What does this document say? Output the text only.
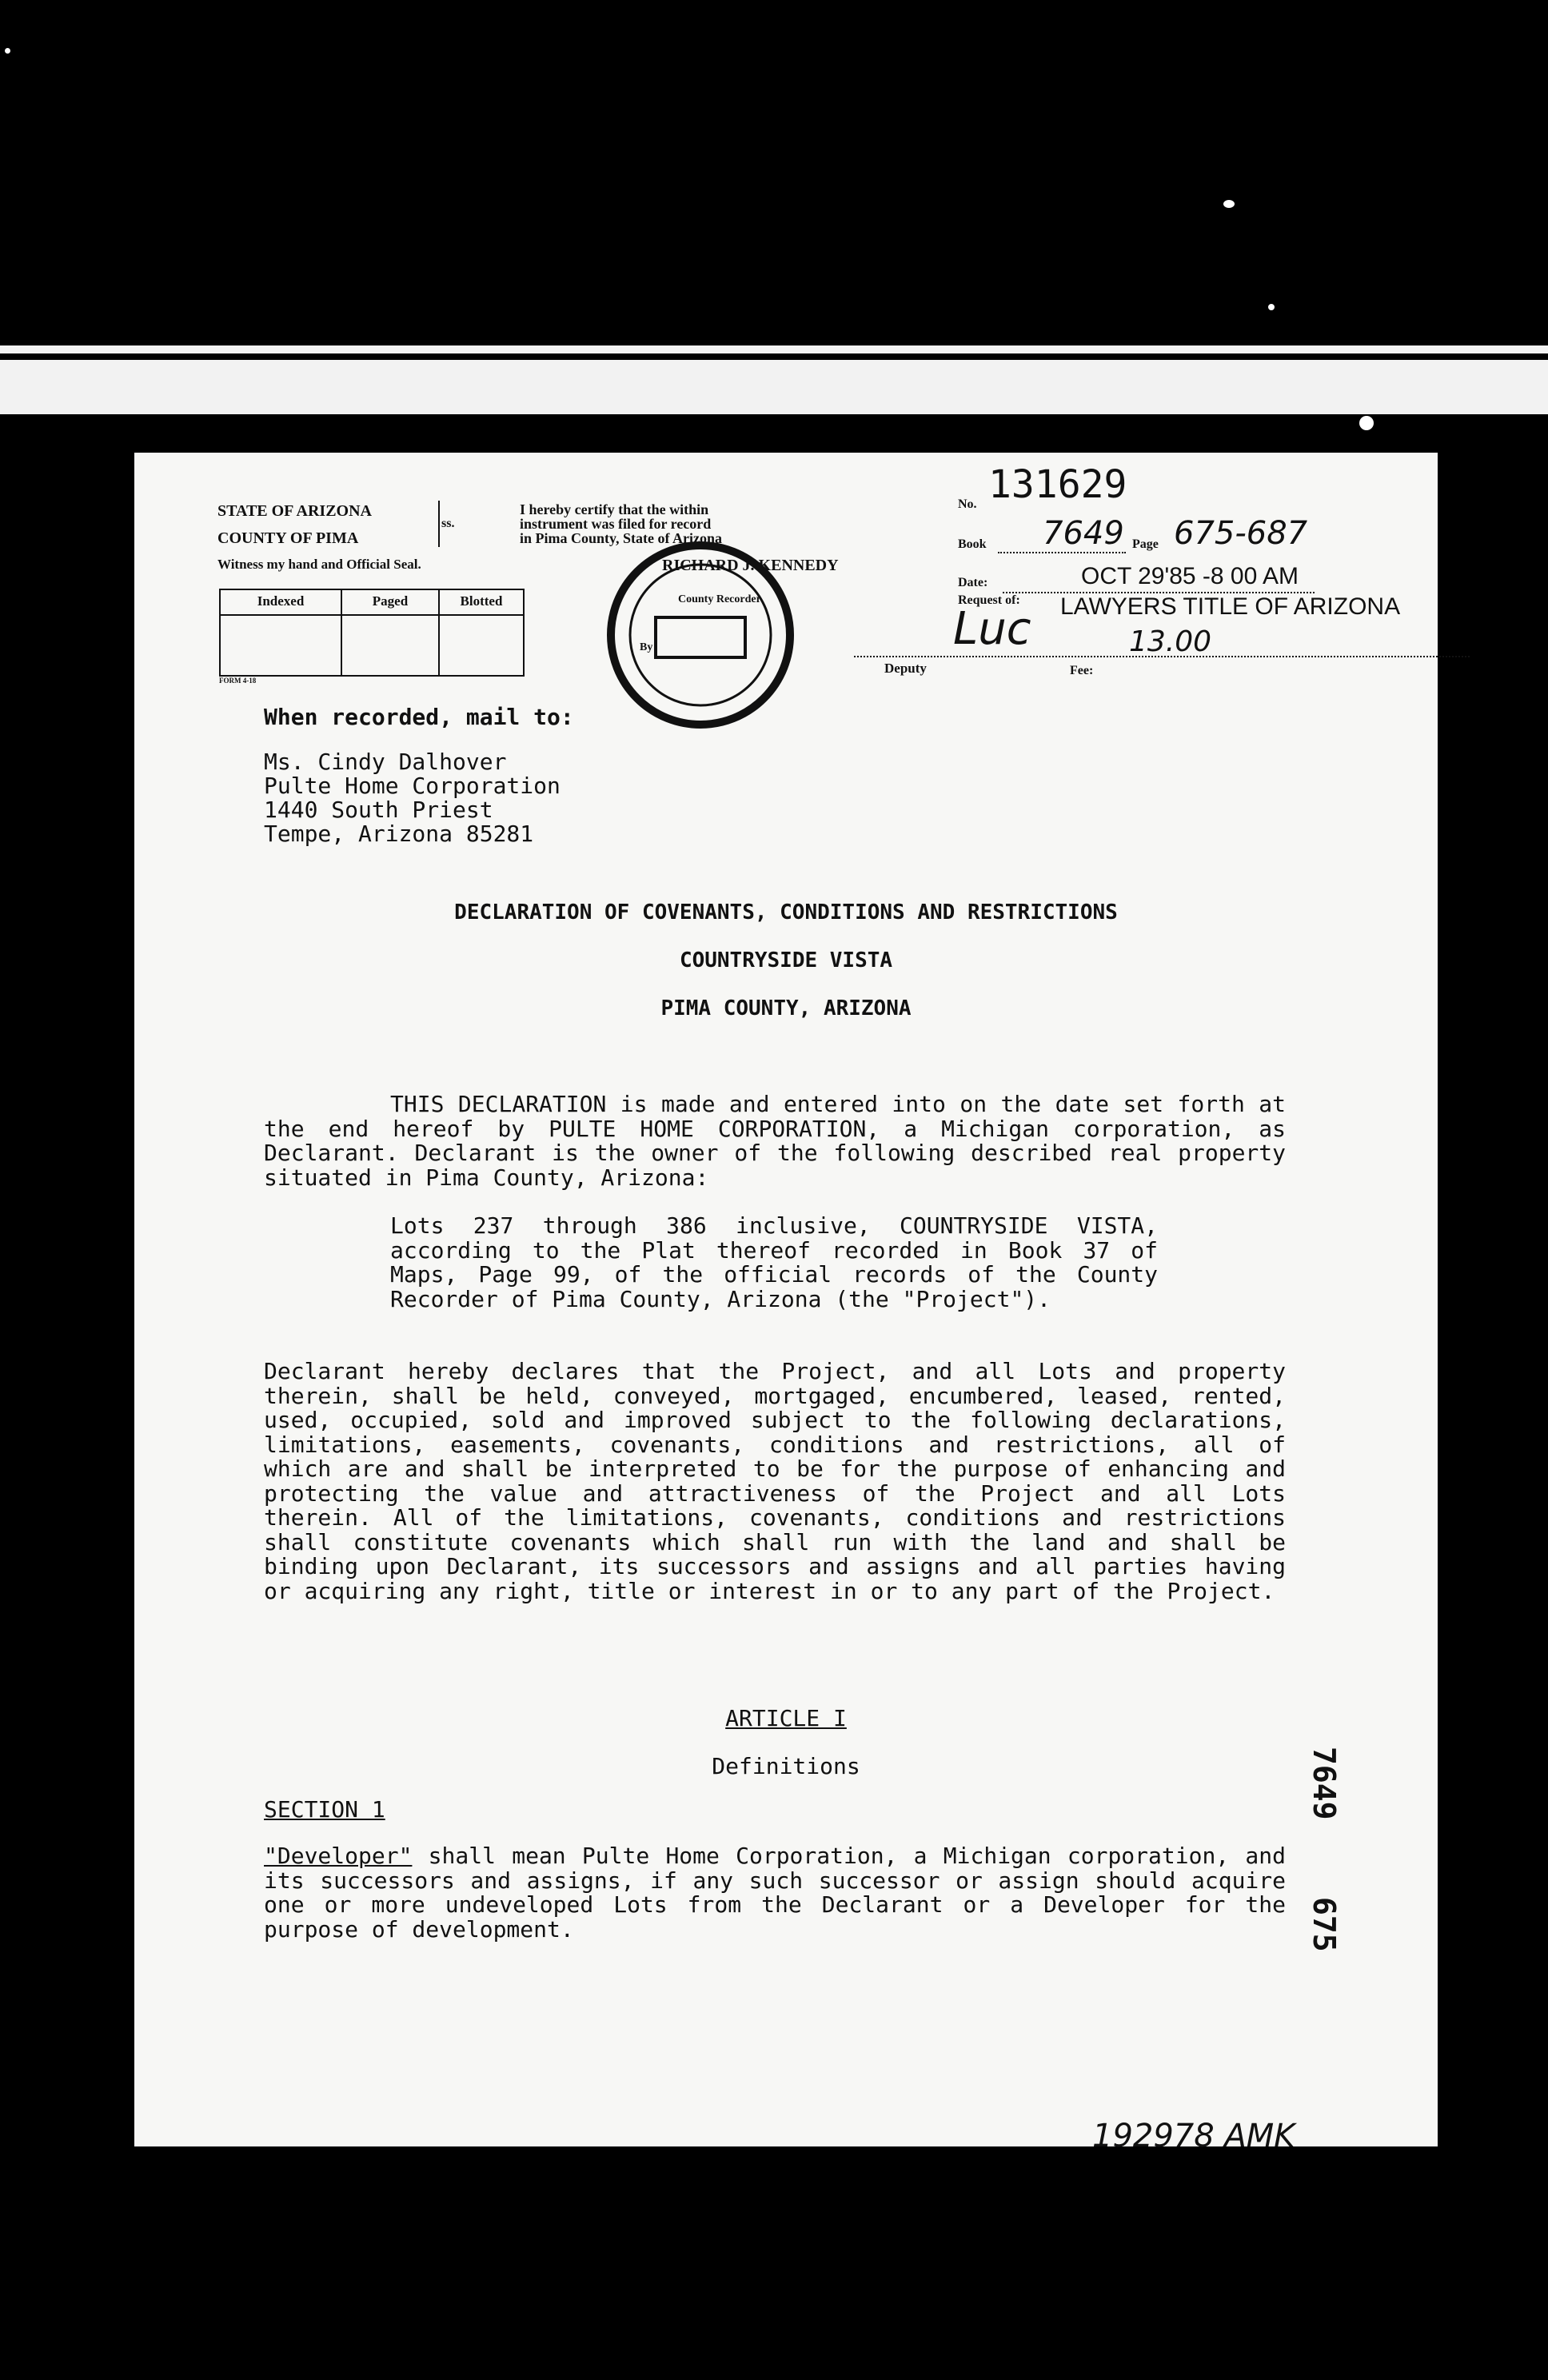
STATE OF ARIZONA
COUNTY OF PIMA
ss.
Witness my hand and Official Seal.
Indexed	Paged	Blotted
FORM 4-18
I hereby certify that the within
instrument was filed for record
in Pima County, State of Arizona
RICHARD J. KENNEDY
County Recorder
By
Deputy
Luc
No. 131629
Book 7649 Page 675-687
Date:	OCT 29'85 -8 00 AM
Request of: LAWYERS TITLE OF ARIZONA
13.00
Fee:
When recorded, mail to:
Ms. Cindy Dalhover
Pulte Home Corporation
1440 South Priest
Tempe, Arizona 85281
DECLARATION OF COVENANTS, CONDITIONS AND RESTRICTIONS
COUNTRYSIDE VISTA
PIMA COUNTY, ARIZONA
THIS DECLARATION is made and entered into on the date set forth at the end hereof by PULTE HOME CORPORATION, a Michigan corporation, as Declarant. Declarant is the owner of the following described real property situated in Pima County, Arizona:
Lots 237 through 386 inclusive, COUNTRYSIDE VISTA, according to the Plat thereof recorded in Book 37 of Maps, Page 99, of the official records of the County Recorder of Pima County, Arizona (the "Project").
Declarant hereby declares that the Project, and all Lots and property therein, shall be held, conveyed, mortgaged, encumbered, leased, rented, used, occupied, sold and improved subject to the following declarations, limitations, easements, covenants, conditions and restrictions, all of which are and shall be interpreted to be for the purpose of enhancing and protecting the value and attractiveness of the Project and all Lots therein. All of the limitations, covenants, conditions and restrictions shall constitute covenants which shall run with the land and shall be binding upon Declarant, its successors and assigns and all parties having or acquiring any right, title or interest in or to any part of the Project.
ARTICLE I
Definitions
SECTION 1
"Developer" shall mean Pulte Home Corporation, a Michigan corporation, and its successors and assigns, if any such successor or assign should acquire one or more undeveloped Lots from the Declarant or a Developer for the purpose of development.
7649
675
192978 AMK
